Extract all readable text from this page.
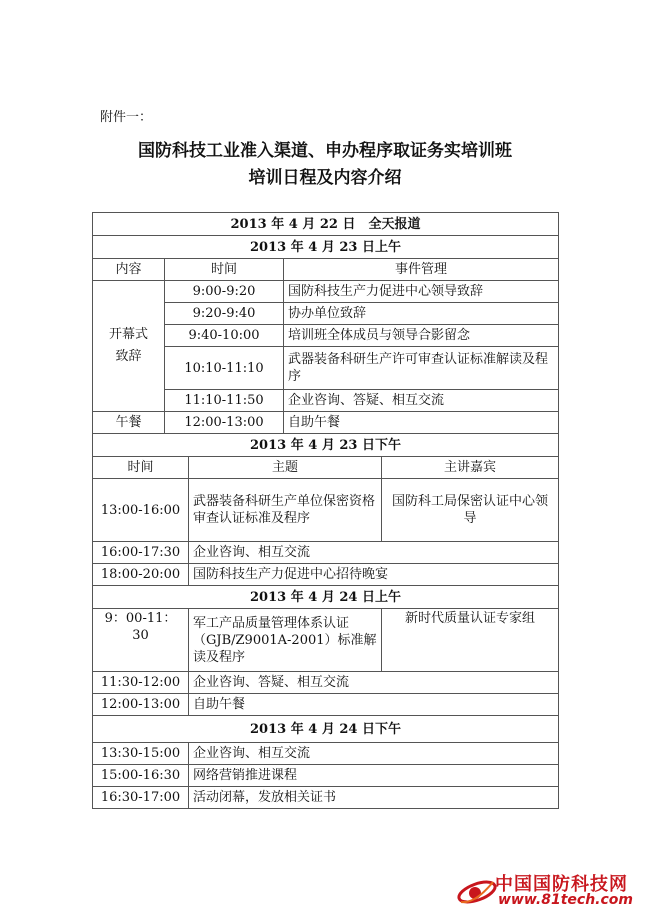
附件一：
国防科技工业准入渠道、申办程序取证务实培训班
培训日程及内容介绍
2013 年 4 月 22 日　全天报道				
2013 年 4 月 23 日上午				
内容	时间		事件管理	
开幕式
致辞	9:00-9:20		国防科技生产力促进中心领导致辞	
	9:20-9:40		协办单位致辞	
	9:40-10:00		培训班全体成员与领导合影留念	
	10:10-11:10		武器装备科研生产许可审查认证标准解读及程序	
	11:10-11:50		企业咨询、答疑、相互交流	
午餐	12:00-13:00		自助午餐	
2013 年 4 月 23 日下午				
时间		主题		主讲嘉宾
13:00-16:00		武器装备科研生产单位保密资格审查认证标准及程序		国防科工局保密认证中心领导
16:00-17:30		企业咨询、相互交流		
18:00-20:00		国防科技生产力促进中心招待晚宴		
2013 年 4 月 24 日上午				
9：00-11：30		军工产品质量管理体系认证（GJB/Z9001A-2001）标准解读及程序		新时代质量认证专家组
11:30-12:00		企业咨询、答疑、相互交流		
12:00-13:00		自助午餐		
2013 年 4 月 24 日下午				
13:30-15:00		企业咨询、相互交流		
15:00-16:30		网络营销推进课程		
16:30-17:00		活动闭幕，发放相关证书		
中国国防科技网
www.81tech.com
